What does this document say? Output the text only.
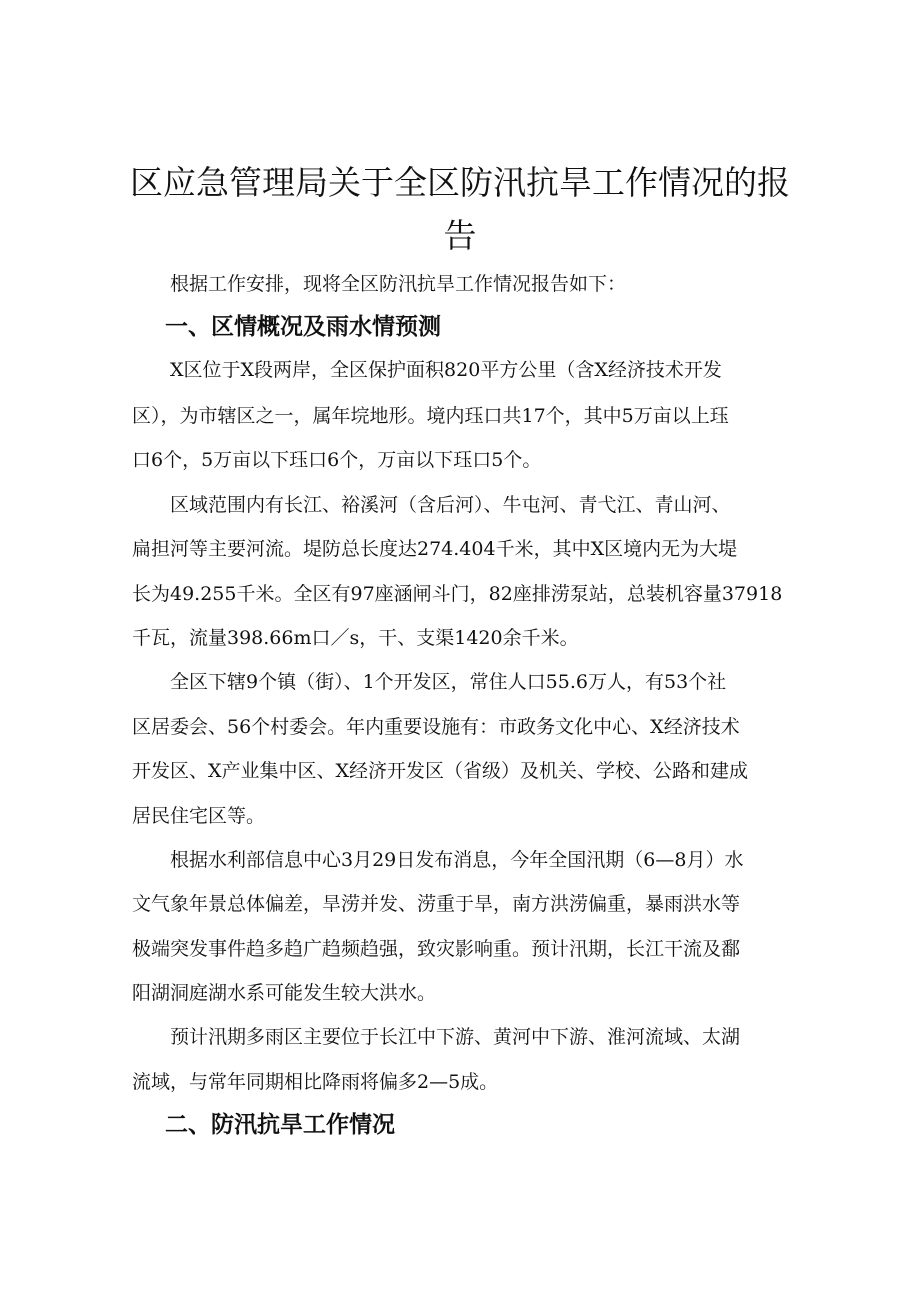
区应急管理局关于全区防汛抗旱工作情况的报
告

根据工作安排，现将全区防汛抗旱工作情况报告如下：

一、区情概况及雨水情预测

X区位于X段两岸，全区保护面积820平方公里（含X经济技术开发

区），为市辖区之一，属年垸地形。境内珏口共17个，其中5万亩以上珏

口6个，5万亩以下珏口6个，万亩以下珏口5个。

区域范围内有长江、裕溪河（含后河）、牛屯河、青弋江、青山河、

扁担河等主要河流。堤防总长度达274.404千米，其中X区境内无为大堤

长为49.255千米。全区有97座涵闸斗门，82座排涝泵站，总装机容量37918

千瓦，流量398.66m口／s，干、支渠1420余千米。

全区下辖9个镇（街）、1个开发区，常住人口55.6万人，有53个社

区居委会、56个村委会。年内重要设施有：市政务文化中心、X经济技术

开发区、X产业集中区、X经济开发区（省级）及机关、学校、公路和建成

居民住宅区等。

根据水利部信息中心3月29日发布消息，今年全国汛期（6—8月）水

文气象年景总体偏差，旱涝并发、涝重于旱，南方洪涝偏重，暴雨洪水等

极端突发事件趋多趋广趋频趋强，致灾影响重。预计汛期，长江干流及鄱

阳湖洞庭湖水系可能发生较大洪水。

预计汛期多雨区主要位于长江中下游、黄河中下游、淮河流域、太湖

流域，与常年同期相比降雨将偏多2—5成。

二、防汛抗旱工作情况
